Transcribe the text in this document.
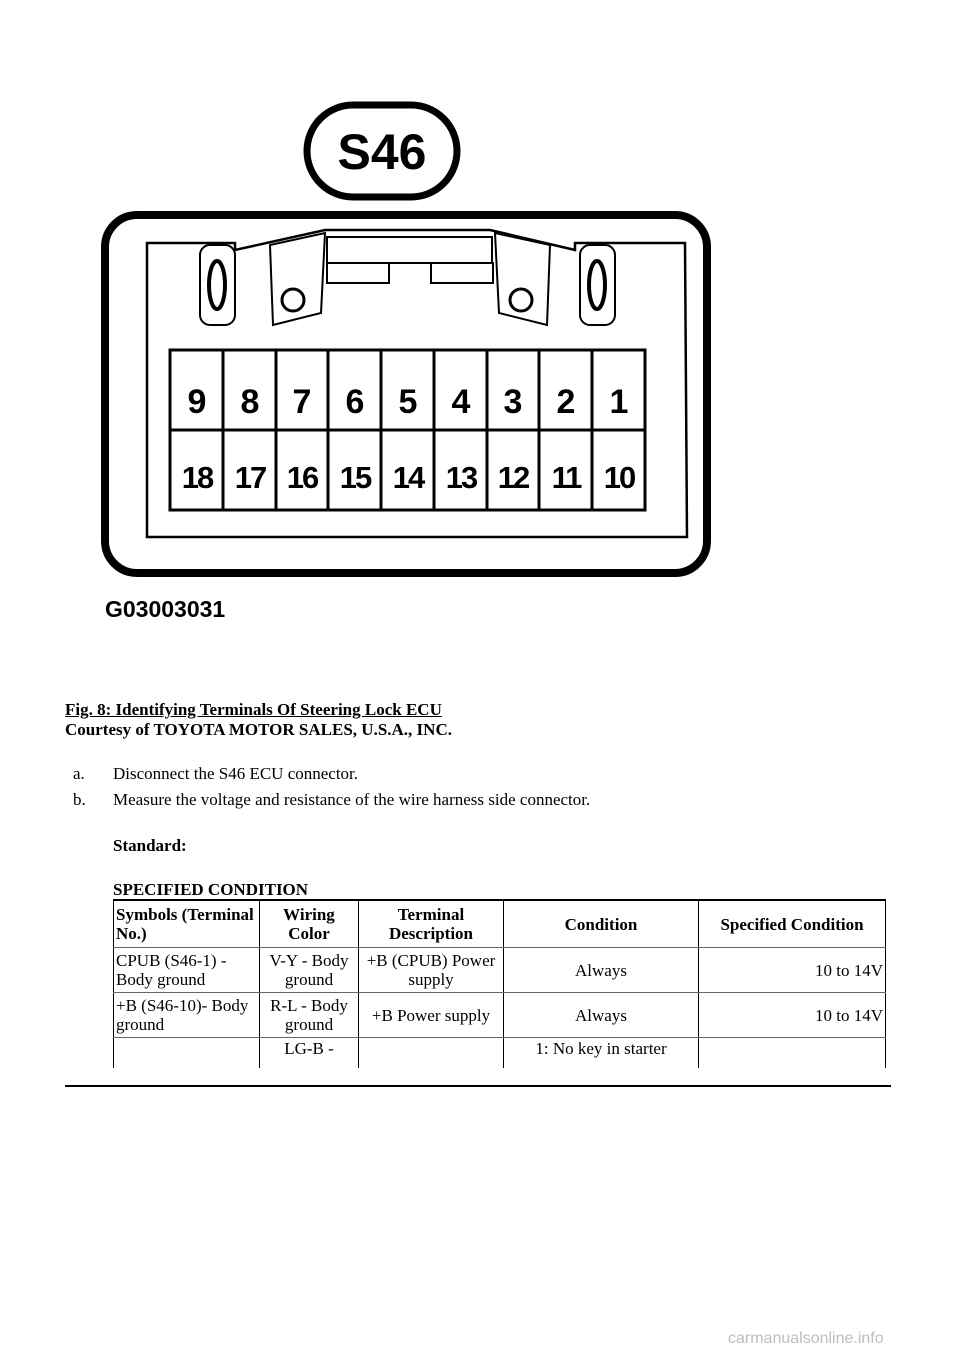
S46
9 8 7 6 5 4 3 2 1
18 17 16 15 14 13 12 11 10
G03003031
Fig. 8: Identifying Terminals Of Steering Lock ECU
Courtesy of TOYOTA MOTOR SALES, U.S.A., INC.
a.	Disconnect the S46 ECU connector.
b.	Measure the voltage and resistance of the wire harness side connector.
Standard:
SPECIFIED CONDITION
Symbols (Terminal No.)	Wiring Color	Terminal Description	Condition	Specified Condition
CPUB (S46-1) - Body ground	V-Y - Body ground	+B (CPUB) Power supply	Always	10 to 14V
+B (S46-10)- Body ground	R-L - Body ground	+B Power supply	Always	10 to 14V
	LG-B -		1: No key in starter	
carmanualsonline.info
